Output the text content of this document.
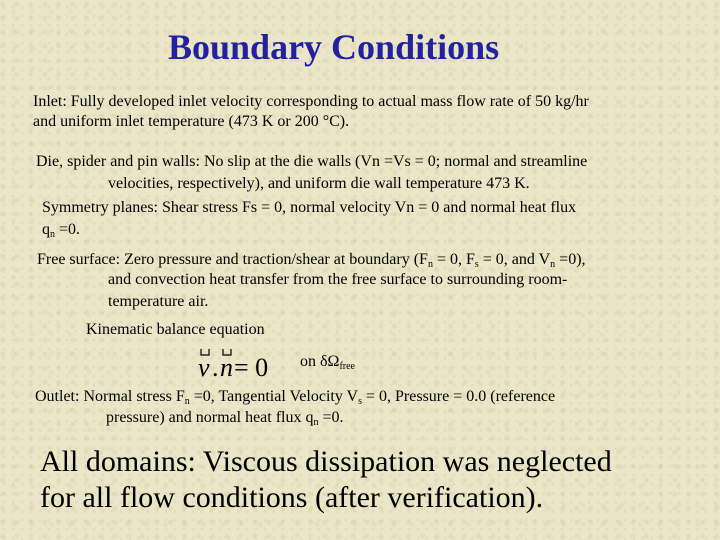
Boundary Conditions
Inlet: Fully developed inlet velocity corresponding to actual mass flow rate of 50 kg/hr
and uniform inlet temperature (473 K or 200 °C).
Die, spider and pin walls: No slip at the die walls (Vn =Vs = 0; normal and streamline
velocities, respectively), and uniform die wall temperature 473 K.
Symmetry planes: Shear stress Fs = 0, normal velocity Vn = 0 and normal heat flux
$q_n =0$.
Free surface: Zero pressure and traction/shear at boundary ($F_n = 0$, $F_s = 0$, and $V_n =0$),
and convection heat transfer from the free surface to surrounding room-
temperature air.
Kinematic balance equation
v . n = 0 on $\delta\Omega_{free}$
Outlet: Normal stress $F_n =0$, Tangential Velocity $V_s = 0$, Pressure = 0.0 (reference
pressure) and normal heat flux $q_n =0$.
All domains: Viscous dissipation was neglected
for all flow conditions (after verification).
